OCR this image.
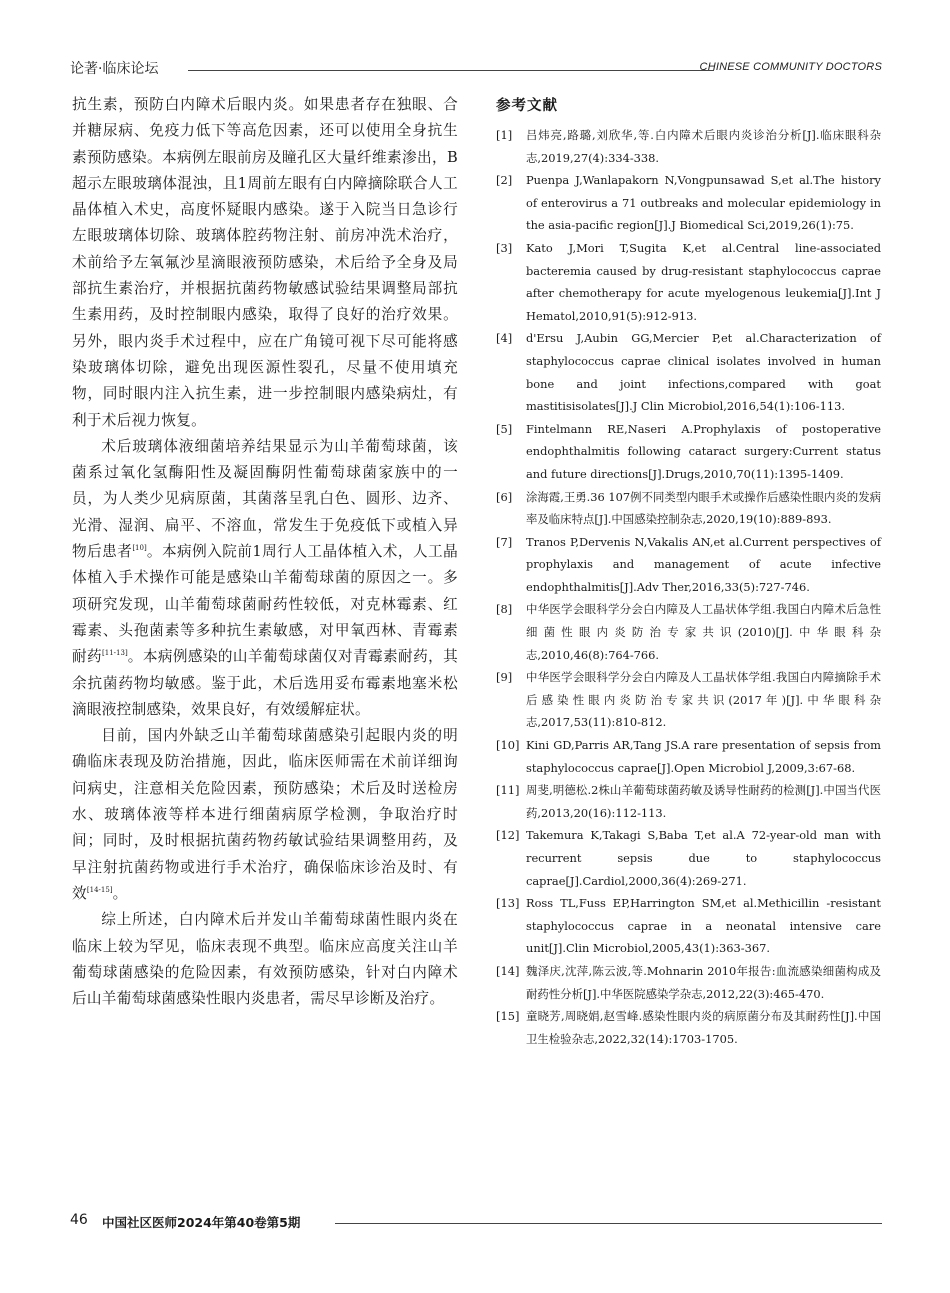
论著·临床论坛	CHINESE COMMUNITY DOCTORS

抗生素，预防白内障术后眼内炎。如果患者存在独眼、合并糖尿病、免疫力低下等高危因素，还可以使用全身抗生素预防感染。本病例左眼前房及瞳孔区大量纤维素渗出，B超示左眼玻璃体混浊，且1周前左眼有白内障摘除联合人工晶体植入术史，高度怀疑眼内感染。遂于入院当日急诊行左眼玻璃体切除、玻璃体腔药物注射、前房冲洗术治疗，术前给予左氧氟沙星滴眼液预防感染，术后给予全身及局部抗生素治疗，并根据抗菌药物敏感试验结果调整局部抗生素用药，及时控制眼内感染，取得了良好的治疗效果。另外，眼内炎手术过程中，应在广角镜可视下尽可能将感染玻璃体切除，避免出现医源性裂孔，尽量不使用填充物，同时眼内注入抗生素，进一步控制眼内感染病灶，有利于术后视力恢复。

术后玻璃体液细菌培养结果显示为山羊葡萄球菌，该菌系过氧化氢酶阳性及凝固酶阴性葡萄球菌家族中的一员，为人类少见病原菌，其菌落呈乳白色、圆形、边齐、光滑、湿润、扁平、不溶血，常发生于免疫低下或植入异物后患者[10]。本病例入院前1周行人工晶体植入术，人工晶体植入手术操作可能是感染山羊葡萄球菌的原因之一。多项研究发现，山羊葡萄球菌耐药性较低，对克林霉素、红霉素、头孢菌素等多种抗生素敏感，对甲氧西林、青霉素耐药[11-13]。本病例感染的山羊葡萄球菌仅对青霉素耐药，其余抗菌药物均敏感。鉴于此，术后选用妥布霉素地塞米松滴眼液控制感染，效果良好，有效缓解症状。

目前，国内外缺乏山羊葡萄球菌感染引起眼内炎的明确临床表现及防治措施，因此，临床医师需在术前详细询问病史，注意相关危险因素，预防感染；术后及时送检房水、玻璃体液等样本进行细菌病原学检测，争取治疗时间；同时，及时根据抗菌药物药敏试验结果调整用药，及早注射抗菌药物或进行手术治疗，确保临床诊治及时、有效[14-15]。

综上所述，白内障术后并发山羊葡萄球菌性眼内炎在临床上较为罕见，临床表现不典型。临床应高度关注山羊葡萄球菌感染的危险因素，有效预防感染，针对白内障术后山羊葡萄球菌感染性眼内炎患者，需尽早诊断及治疗。

参考文献
[1]	吕炜亮,路璐,刘欣华,等.白内障术后眼内炎诊治分析[J].临床眼科杂志,2019,27(4):334-338.
[2]	Puenpa J,Wanlapakorn N,Vongpunsawad S,et al.The history of enterovirus a 71 outbreaks and molecular epidemiology in the asia-pacific region[J].J Biomedical Sci,2019,26(1):75.
[3]	Kato J,Mori T,Sugita K,et al.Central line-associated bacteremia caused by drug-resistant staphylococcus caprae after chemotherapy for acute myelogenous leukemia[J].Int J Hematol,2010,91(5):912-913.
[4]	d'Ersu J,Aubin GG,Mercier P,et al.Characterization of staphylococcus caprae clinical isolates involved in human bone and joint infections,compared with goat mastitisisolates[J].J Clin Microbiol,2016,54(1):106-113.
[5]	Fintelmann RE,Naseri A.Prophylaxis of postoperative endophthalmitis following cataract surgery:Current status and future directions[J].Drugs,2010,70(11):1395-1409.
[6]	涂海霞,王勇.36 107例不同类型内眼手术或操作后感染性眼内炎的发病率及临床特点[J].中国感染控制杂志,2020,19(10):889-893.
[7]	Tranos P,Dervenis N,Vakalis AN,et al.Current perspectives of prophylaxis and management of acute infective endophthalmitis[J].Adv Ther,2016,33(5):727-746.
[8]	中华医学会眼科学分会白内障及人工晶状体学组.我国白内障术后急性细菌性眼内炎防治专家共识(2010)[J].中华眼科杂志,2010,46(8):764-766.
[9]	中华医学会眼科学分会白内障及人工晶状体学组.我国白内障摘除手术后感染性眼内炎防治专家共识(2017年)[J].中华眼科杂志,2017,53(11):810-812.
[10] Kini GD,Parris AR,Tang JS.A rare presentation of sepsis from staphylococcus caprae[J].Open Microbiol J,2009,3:67-68.
[11] 周斐,明德松.2株山羊葡萄球菌药敏及诱导性耐药的检测[J].中国当代医药,2013,20(16):112-113.
[12] Takemura K,Takagi S,Baba T,et al.A 72-year-old man with recurrent sepsis due to staphylococcus caprae[J].Cardiol,2000,36(4):269-271.
[13] Ross TL,Fuss EP,Harrington SM,et al.Methicillin -resistant staphylococcus caprae in a neonatal intensive care unit[J].Clin Microbiol,2005,43(1):363-367.
[14] 魏泽庆,沈萍,陈云波,等.Mohnarin 2010年报告:血流感染细菌构成及耐药性分析[J].中华医院感染学杂志,2012,22(3):465-470.
[15] 童晓芳,周晓娟,赵雪峰.感染性眼内炎的病原菌分布及其耐药性[J].中国卫生检验杂志,2022,32(14):1703-1705.
46 中国社区医师2024年第40卷第5期
